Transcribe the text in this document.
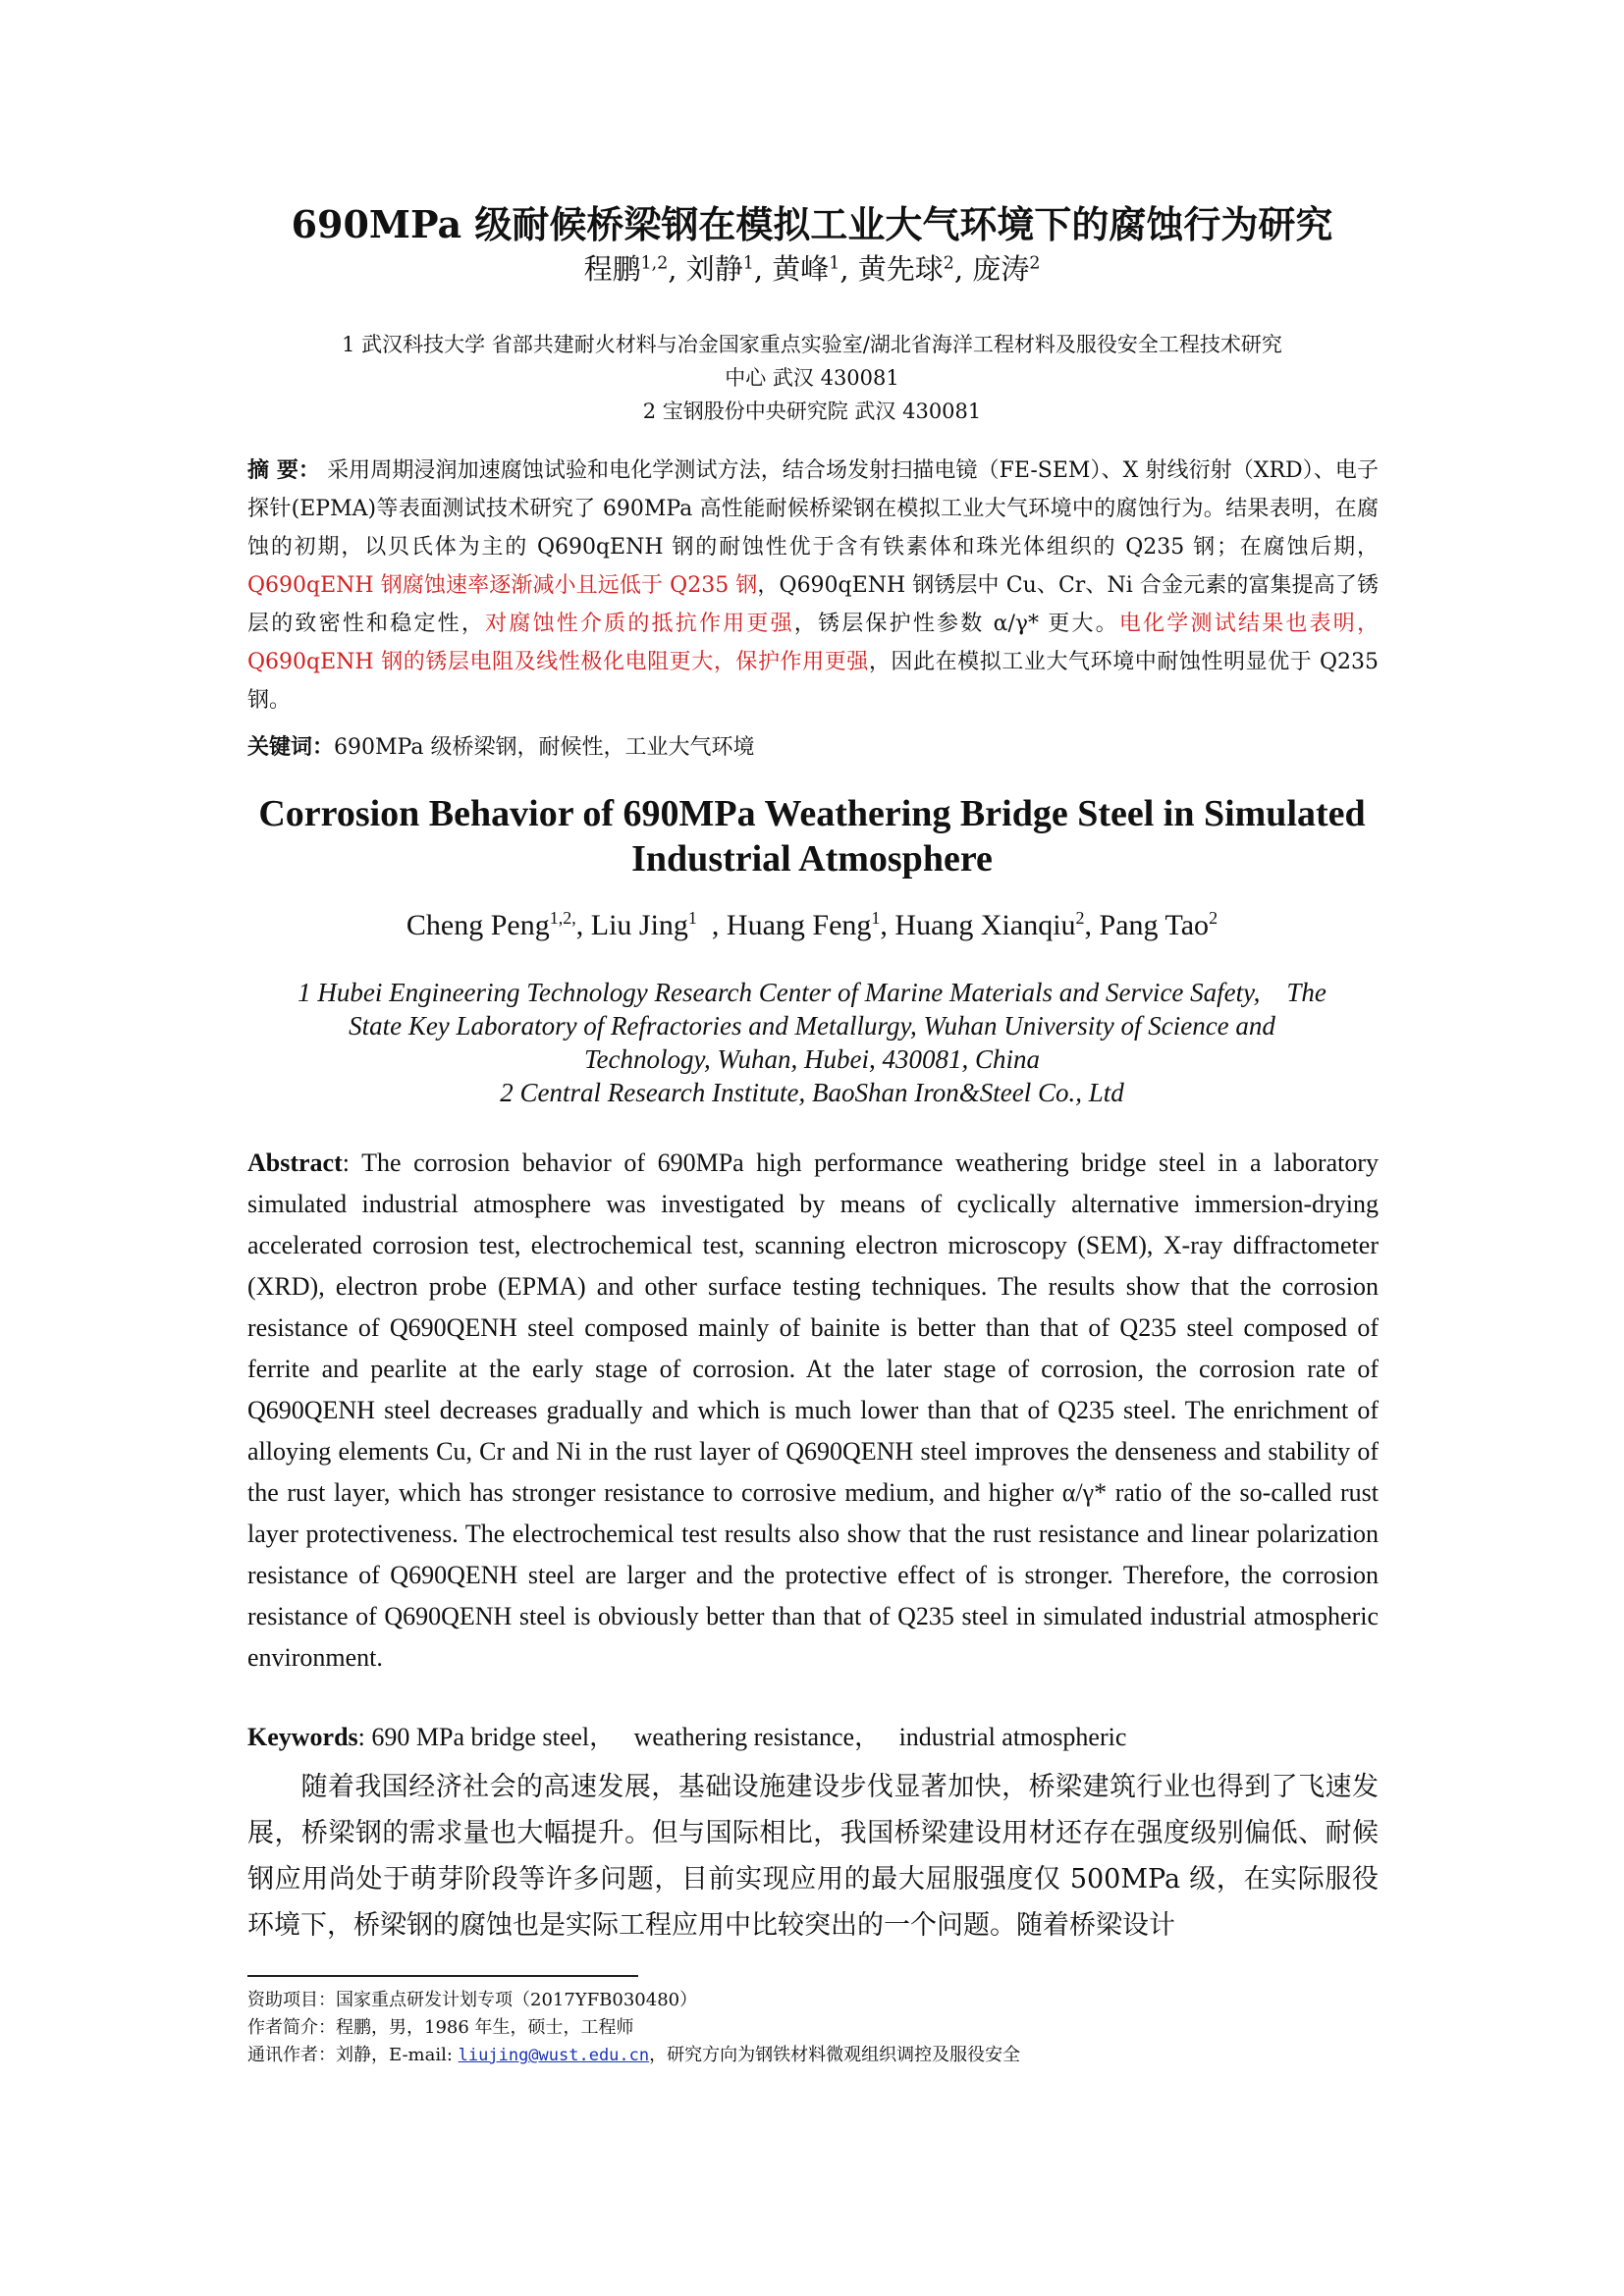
690MPa 级耐候桥梁钢在模拟工业大气环境下的腐蚀行为研究
程鹏$^{1,2}$, 刘静$^1$, 黄峰$^1$, 黄先球$^2$, 庞涛$^2$
1 武汉科技大学 省部共建耐火材料与冶金国家重点实验室/湖北省海洋工程材料及服役安全工程技术研究
中心 武汉 430081
2 宝钢股份中央研究院 武汉 430081
摘 要： 采用周期浸润加速腐蚀试验和电化学测试方法，结合场发射扫描电镜（FE-SEM）、X 射线衍射（XRD）、电子探针(EPMA)等表面测试技术研究了 690MPa 高性能耐候桥梁钢在模拟工业大气环境中的腐蚀行为。结果表明，在腐蚀的初期，以贝氏体为主的 Q690qENH 钢的耐蚀性优于含有铁素体和珠光体组织的 Q235 钢；在腐蚀后期，Q690qENH 钢腐蚀速率逐渐减小且远低于 Q235 钢，Q690qENH 钢锈层中 Cu、Cr、Ni 合金元素的富集提高了锈层的致密性和稳定性，对腐蚀性介质的抵抗作用更强，锈层保护性参数 α/γ* 更大。电化学测试结果也表明，Q690qENH 钢的锈层电阻及线性极化电阻更大，保护作用更强，因此在模拟工业大气环境中耐蚀性明显优于 Q235 钢。
关键词：690MPa 级桥梁钢，耐候性，工业大气环境
Corrosion Behavior of 690MPa Weathering Bridge Steel in Simulated
Industrial Atmosphere
Cheng Peng$^{1,2,}$, Liu Jing$^1$  , Huang Feng$^1$, Huang Xianqiu$^2$, Pang Tao$^2$
1 Hubei Engineering Technology Research Center of Marine Materials and Service Safety,    The
State Key Laboratory of Refractories and Metallurgy, Wuhan University of Science and
Technology, Wuhan, Hubei, 430081, China
2 Central Research Institute, BaoShan Iron&Steel Co., Ltd
Abstract: The corrosion behavior of 690MPa high performance weathering bridge steel in a laboratory simulated industrial atmosphere was investigated by means of cyclically alternative immersion-drying accelerated corrosion test, electrochemical test, scanning electron microscopy (SEM), X-ray diffractometer (XRD), electron probe (EPMA) and other surface testing techniques. The results show that the corrosion resistance of Q690QENH steel composed mainly of bainite is better than that of Q235 steel composed of ferrite and pearlite at the early stage of corrosion. At the later stage of corrosion, the corrosion rate of Q690QENH steel decreases gradually and which is much lower than that of Q235 steel. The enrichment of alloying elements Cu, Cr and Ni in the rust layer of Q690QENH steel improves the denseness and stability of the rust layer, which has stronger resistance to corrosive medium, and higher α/γ* ratio of the so-called rust layer protectiveness. The electrochemical test results also show that the rust resistance and linear polarization resistance of Q690QENH steel are larger and the protective effect of is stronger. Therefore, the corrosion resistance of Q690QENH steel is obviously better than that of Q235 steel in simulated industrial atmospheric environment.
Keywords: 690 MPa bridge steel，   weathering resistance，   industrial atmospheric
随着我国经济社会的高速发展，基础设施建设步伐显著加快，桥梁建筑行业也得到了飞速发展，桥梁钢的需求量也大幅提升。但与国际相比，我国桥梁建设用材还存在强度级别偏低、耐候钢应用尚处于萌芽阶段等许多问题，目前实现应用的最大屈服强度仅 500MPa 级，在实际服役环境下，桥梁钢的腐蚀也是实际工程应用中比较突出的一个问题。随着桥梁设计
资助项目：国家重点研发计划专项（2017YFB030480）
作者简介：程鹏，男，1986 年生，硕士，工程师
通讯作者：刘静，E-mail: liujing@wust.edu.cn，研究方向为钢铁材料微观组织调控及服役安全
